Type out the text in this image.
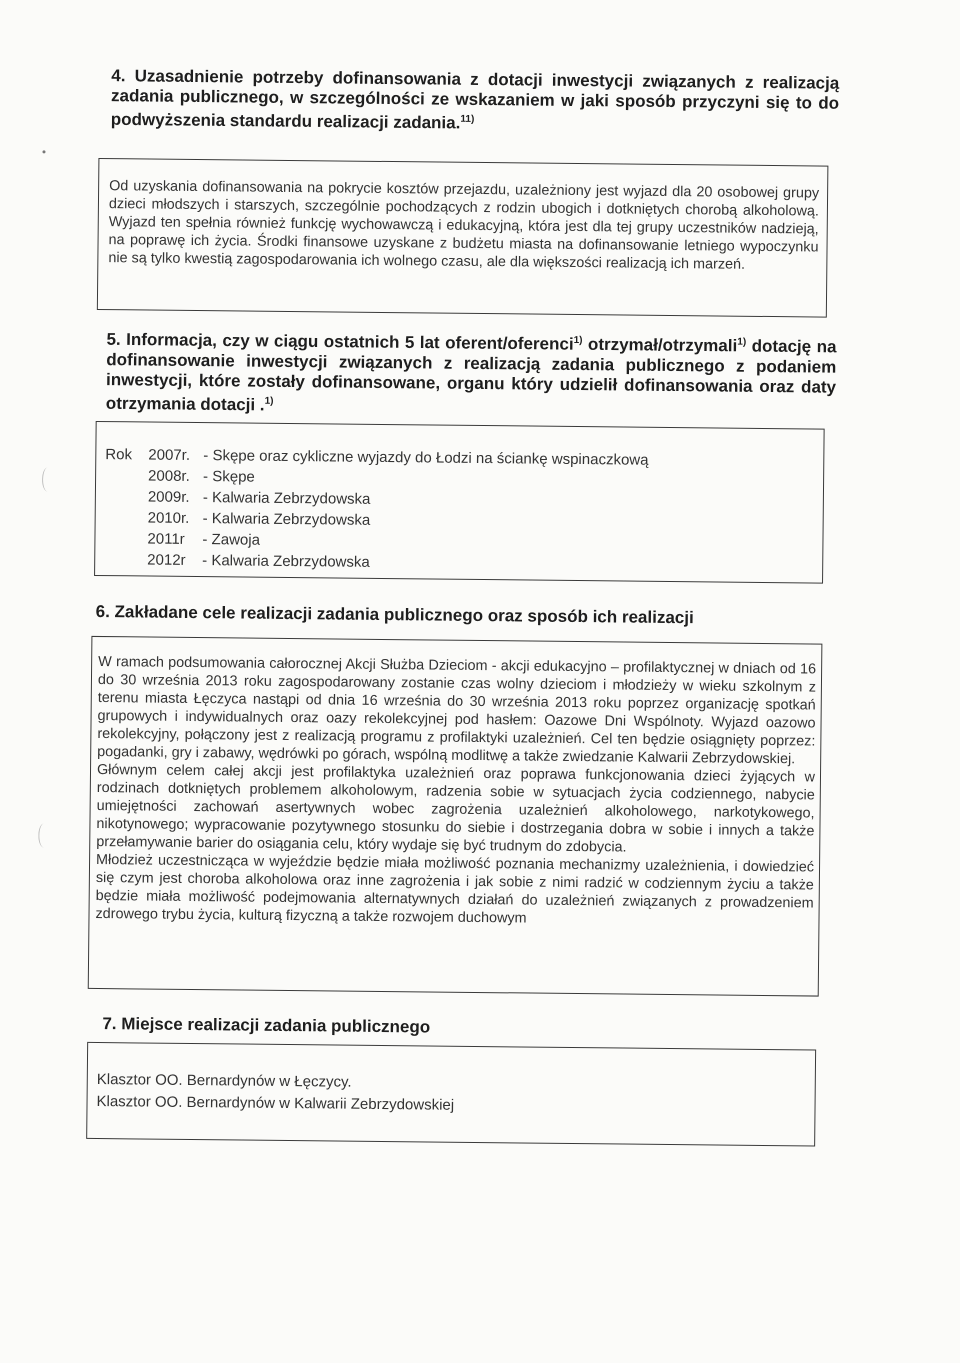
4. Uzasadnienie potrzeby dofinansowania z dotacji inwestycji związanych z realizacją zadania publicznego, w szczególności ze wskazaniem w jaki sposób przyczyni się to do podwyższenia standardu realizacji zadania.$^{11)}$

Od uzyskania dofinansowania na pokrycie kosztów przejazdu, uzależniony jest wyjazd dla 20 osobowej grupy dzieci młodszych i starszych, szczególnie pochodzących z rodzin ubogich i dotkniętych chorobą alkoholową. Wyjazd ten spełnia również funkcję wychowawczą i edukacyjną, która jest dla tej grupy uczestników nadzieją, na poprawę ich życia. Środki finansowe uzyskane z budżetu miasta na dofinansowanie letniego wypoczynku nie są tylko kwestią zagospodarowania ich wolnego czasu, ale dla większości realizacją ich marzeń.

5. Informacja, czy w ciągu ostatnich 5 lat oferent/oferenci$^{1)}$ otrzymał/otrzymali$^{1)}$ dotację na dofinansowanie inwestycji związanych z realizacją zadania publicznego z podaniem inwestycji, które zostały dofinansowane, organu który udzielił dofinansowania oraz daty otrzymania dotacji .$^{1)}$
Rok	2007r. - Skępe oraz cykliczne wyjazdy do Łodzi na ściankę wspinaczkową
2008r. - Skępe
2009r. - Kalwaria Zebrzydowska
2010r. - Kalwaria Zebrzydowska
2011r	- Zawoja
2012r	- Kalwaria Zebrzydowska
6. Zakładane cele realizacji zadania publicznego oraz sposób ich realizacji

W ramach podsumowania całorocznej Akcji Służba Dzieciom - akcji edukacyjno – profilaktycznej w dniach od 16 do 30 września 2013 roku zagospodarowany zostanie czas wolny dzieciom i młodzieży w wieku szkolnym z terenu miasta Łęczyca nastąpi od dnia 16 września do 30 września 2013 roku poprzez organizację spotkań grupowych i indywidualnych oraz oazy rekolekcyjnej pod hasłem: Oazowe Dni Wspólnoty. Wyjazd oazowo rekolekcyjny, połączony jest z realizacją programu z profilaktyki uzależnień. Cel ten będzie osiągnięty poprzez: pogadanki, gry i zabawy, wędrówki po górach, wspólną modlitwę a także zwiedzanie Kalwarii Zebrzydowskiej.

Głównym celem całej akcji jest profilaktyka uzależnień oraz poprawa funkcjonowania dzieci żyjących w rodzinach dotkniętych problemem alkoholowym, radzenia sobie w sytuacjach życia codziennego, nabycie umiejętności zachowań asertywnych wobec zagrożenia uzależnień alkoholowego, narkotykowego, nikotynowego; wypracowanie pozytywnego stosunku do siebie i dostrzegania dobra w sobie i innych a także przełamywanie barier do osiągania celu, który wydaje się być trudnym do zdobycia.

Młodzież uczestnicząca w wyjeździe będzie miała możliwość poznania mechanizmy uzależnienia, i dowiedzieć się czym jest choroba alkoholowa oraz inne zagrożenia i jak sobie z nimi radzić w codziennym życiu a także będzie miała możliwość podejmowania alternatywnych działań do uzależnień związanych z prowadzeniem zdrowego trybu życia, kulturą fizyczną a także rozwojem duchowym

7. Miejsce realizacji zadania publicznego

Klasztor OO. Bernardynów w Łęczycy.

Klasztor OO. Bernardynów w Kalwarii Zebrzydowskiej
